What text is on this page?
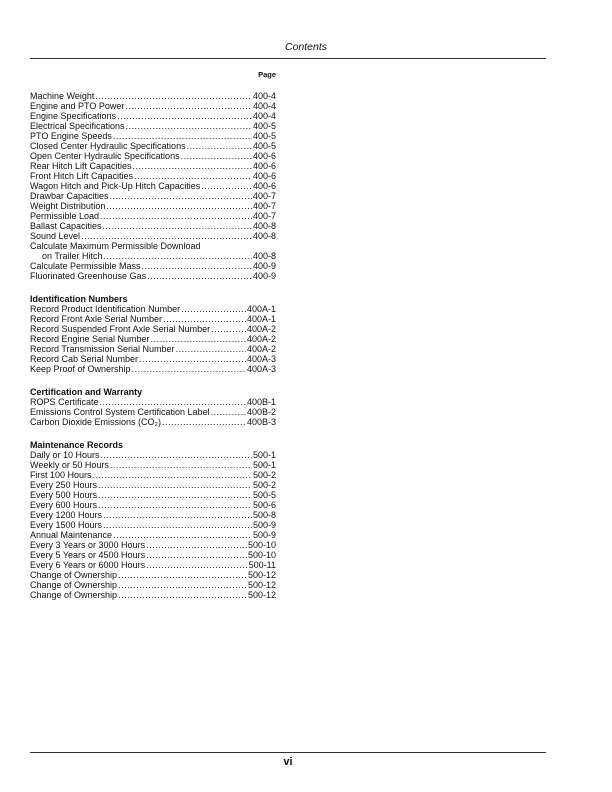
Contents
Page
Machine Weight .....	400-4
Engine and PTO Power .....	400-4
Engine Specifications .....	400-4
Electrical Specifications .....	400-5
PTO Engine Speeds .....	400-5
Closed Center Hydraulic Specifications .....	400-5
Open Center Hydraulic Specifications .....	400-6
Rear Hitch Lift Capacities .....	400-6
Front Hitch Lift Capacities .....	400-6
Wagon Hitch and Pick-Up Hitch Capacities .....	400-6
Drawbar Capacities .....	400-7
Weight Distribution .....	400-7
Permissible Load .....	400-7
Ballast Capacities .....	400-8
Sound Level .....	400-8
Calculate Maximum Permissible Download
on Trailer Hitch .....	400-8
Calculate Permissible Mass .....	400-9
Fluorinated Greenhouse Gas .....	400-9
Identification Numbers
Record Product Identification Number .....	400A-1
Record Front Axle Serial Number .....	400A-1
Record Suspended Front Axle Serial Number .....	400A-2
Record Engine Serial Number .....	400A-2
Record Transmission Serial Number .....	400A-2
Record Cab Serial Number .....	400A-3
Keep Proof of Ownership .....	400A-3
Certification and Warranty
ROPS Certificate .....	400B-1
Emissions Control System Certification Label .....	400B-2
Carbon Dioxide Emissions (CO₂) .....	400B-3
Maintenance Records
Daily or 10 Hours .....	500-1
Weekly or 50 Hours .....	500-1
First 100 Hours .....	500-2
Every 250 Hours .....	500-2
Every 500 Hours .....	500-5
Every 600 Hours .....	500-6
Every 1200 Hours .....	500-8
Every 1500 Hours .....	500-9
Annual Maintenance .....	500-9
Every 3 Years or 3000 Hours .....	500-10
Every 5 Years or 4500 Hours .....	500-10
Every 6 Years or 6000 Hours .....	500-11
Change of Ownership .....	500-12
Change of Ownership .....	500-12
Change of Ownership .....	500-12
vi
